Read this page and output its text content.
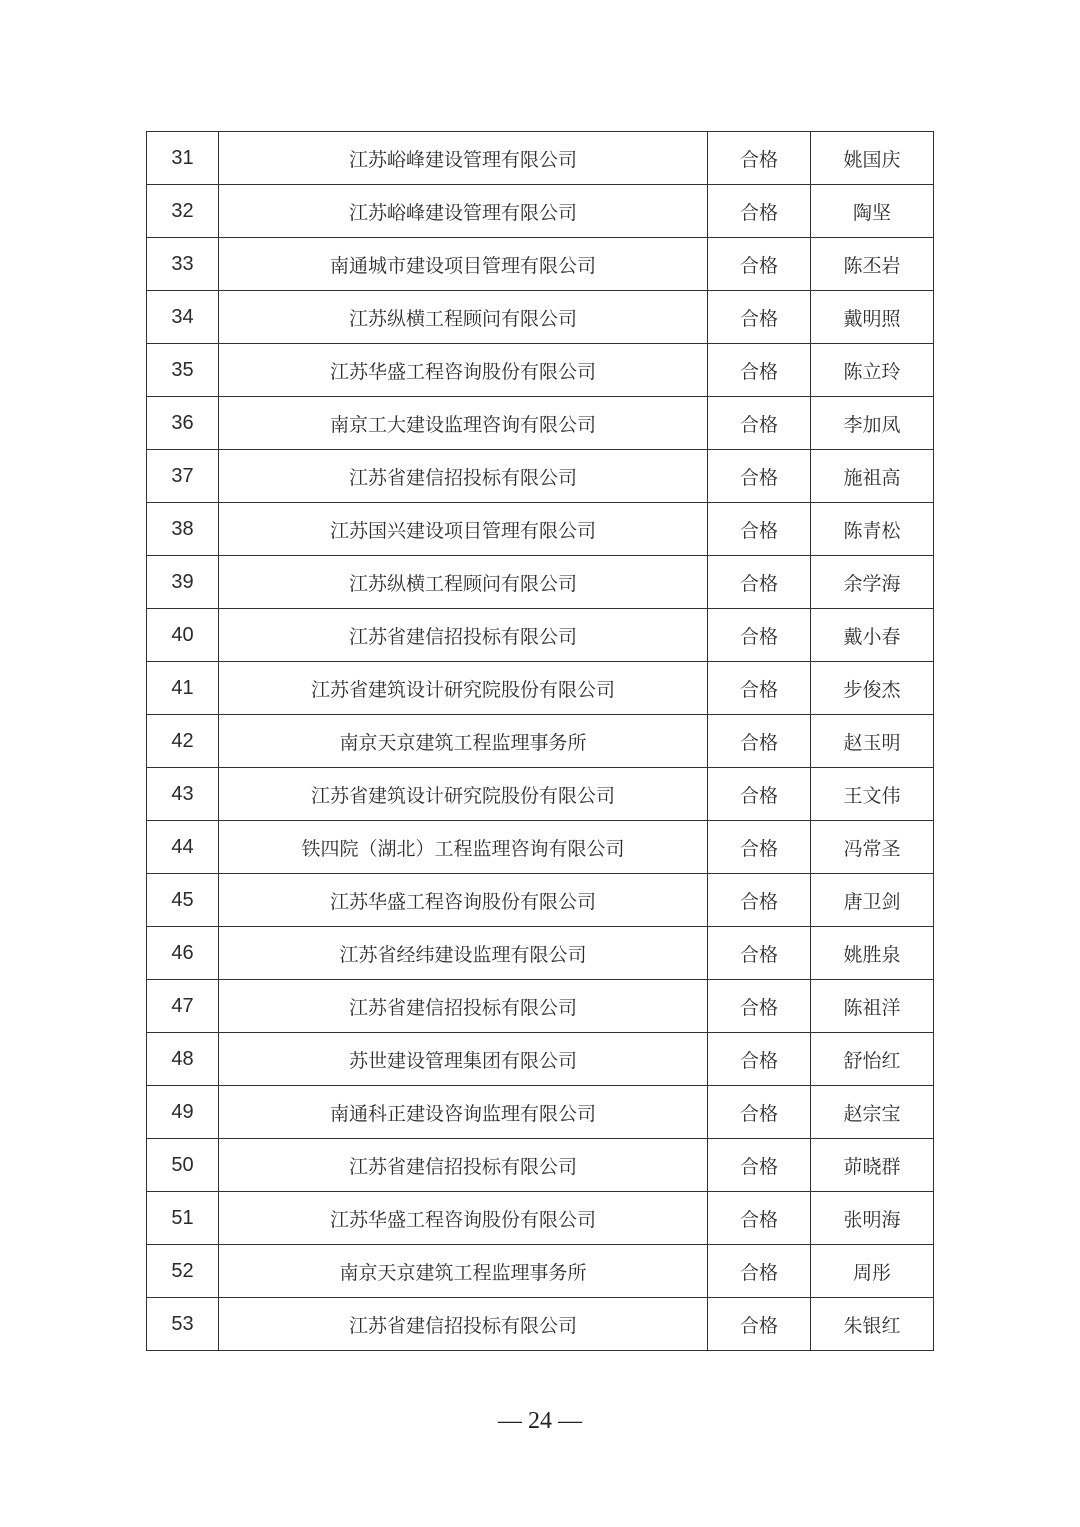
31	江苏峪峰建设管理有限公司	合格	姚国庆
32	江苏峪峰建设管理有限公司	合格	陶坚
33	南通城市建设项目管理有限公司	合格	陈丕岩
34	江苏纵横工程顾问有限公司	合格	戴明照
35	江苏华盛工程咨询股份有限公司	合格	陈立玲
36	南京工大建设监理咨询有限公司	合格	李加凤
37	江苏省建信招投标有限公司	合格	施祖高
38	江苏国兴建设项目管理有限公司	合格	陈青松
39	江苏纵横工程顾问有限公司	合格	余学海
40	江苏省建信招投标有限公司	合格	戴小春
41	江苏省建筑设计研究院股份有限公司	合格	步俊杰
42	南京天京建筑工程监理事务所	合格	赵玉明
43	江苏省建筑设计研究院股份有限公司	合格	王文伟
44	铁四院（湖北）工程监理咨询有限公司	合格	冯常圣
45	江苏华盛工程咨询股份有限公司	合格	唐卫剑
46	江苏省经纬建设监理有限公司	合格	姚胜泉
47	江苏省建信招投标有限公司	合格	陈祖洋
48	苏世建设管理集团有限公司	合格	舒怡红
49	南通科正建设咨询监理有限公司	合格	赵宗宝
50	江苏省建信招投标有限公司	合格	茆晓群
51	江苏华盛工程咨询股份有限公司	合格	张明海
52	南京天京建筑工程监理事务所	合格	周彤
53	江苏省建信招投标有限公司	合格	朱银红
— 24 —
